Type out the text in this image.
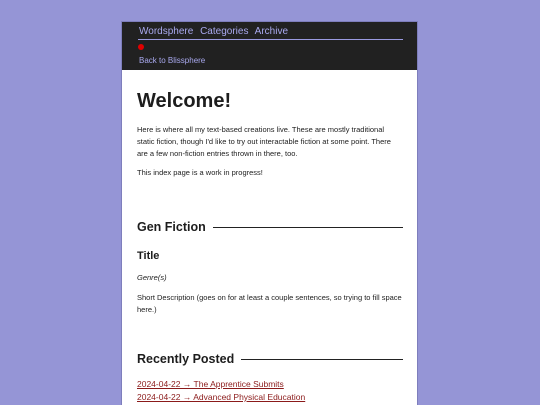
Wordsphere Categories Archive
Back to Blissphere
Welcome!

Here is where all my text-based creations live. These are mostly traditional static fiction, though I'd like to try out interactable fiction at some point. There are a few non-fiction entries thrown in there, too.

This index page is a work in progress!

Gen Fiction
Title
Genre(s)

Short Description (goes on for at least a couple sentences, so trying to fill space here.)

Recently Posted
2024-04-22 → The Apprentice Submits
2024-04-22 → Advanced Physical Education
